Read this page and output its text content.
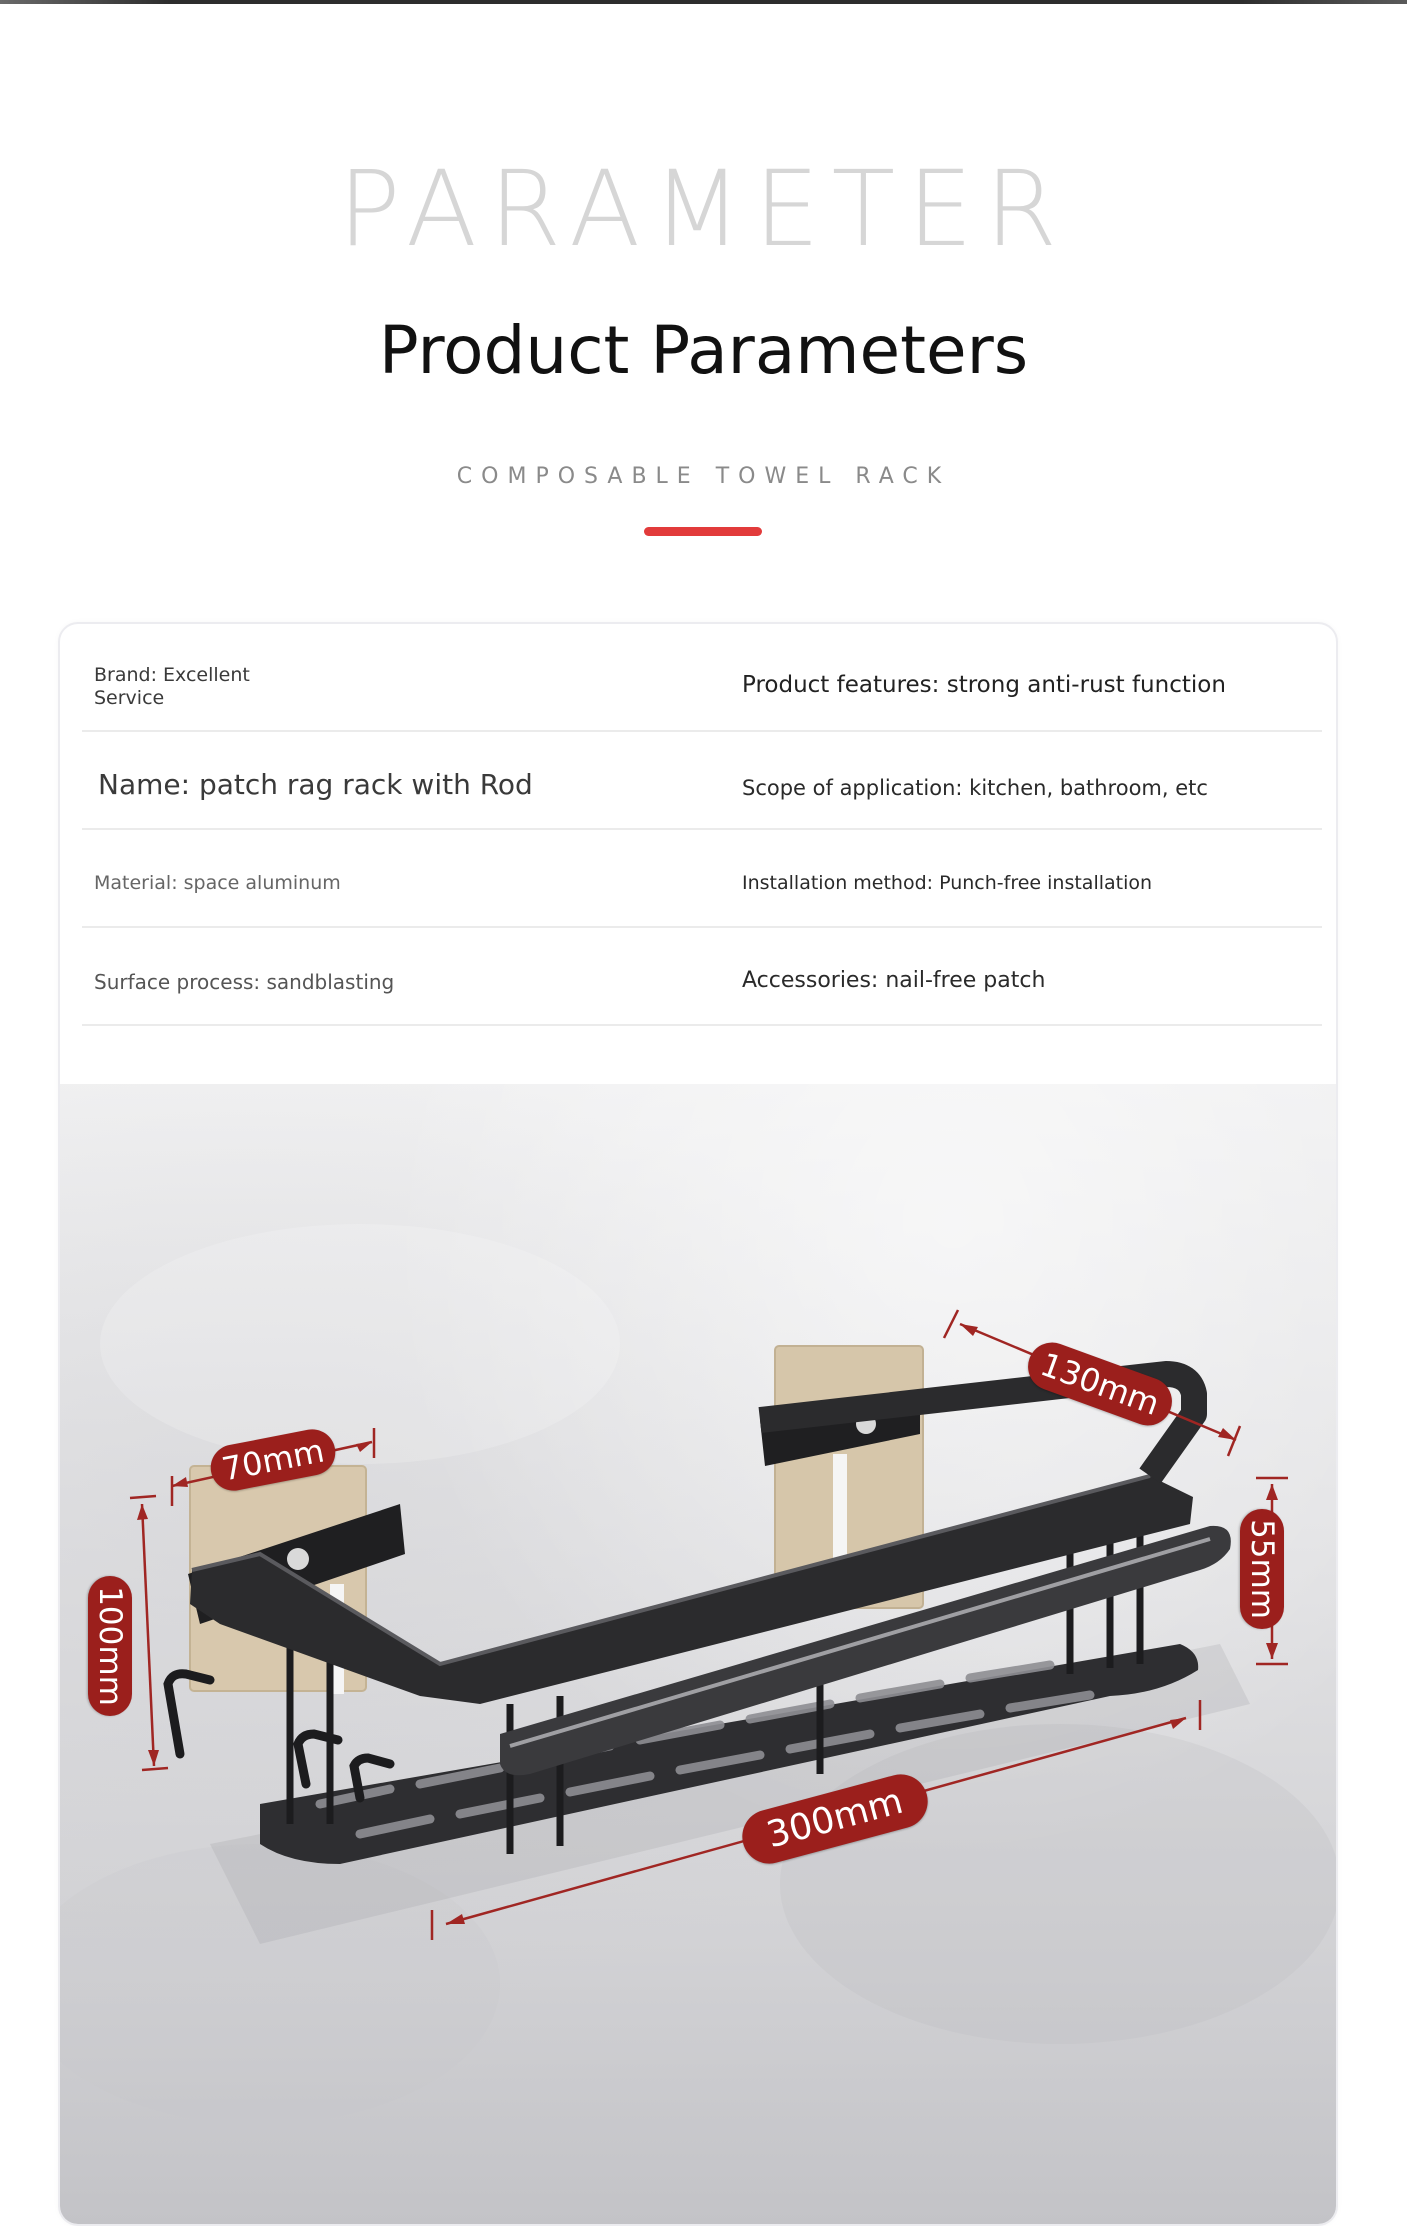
PARAMETER
Product Parameters
COMPOSABLE TOWEL RACK
Brand: Excellent
Service	Product features: strong anti-rust function
Name: patch rag rack with Rod	Scope of application: kitchen, bathroom, etc
Material: space aluminum	Installation method: Punch-free installation
Surface process: sandblasting	Accessories: nail-free patch
70mm
100mm
130mm
55mm
300mm
